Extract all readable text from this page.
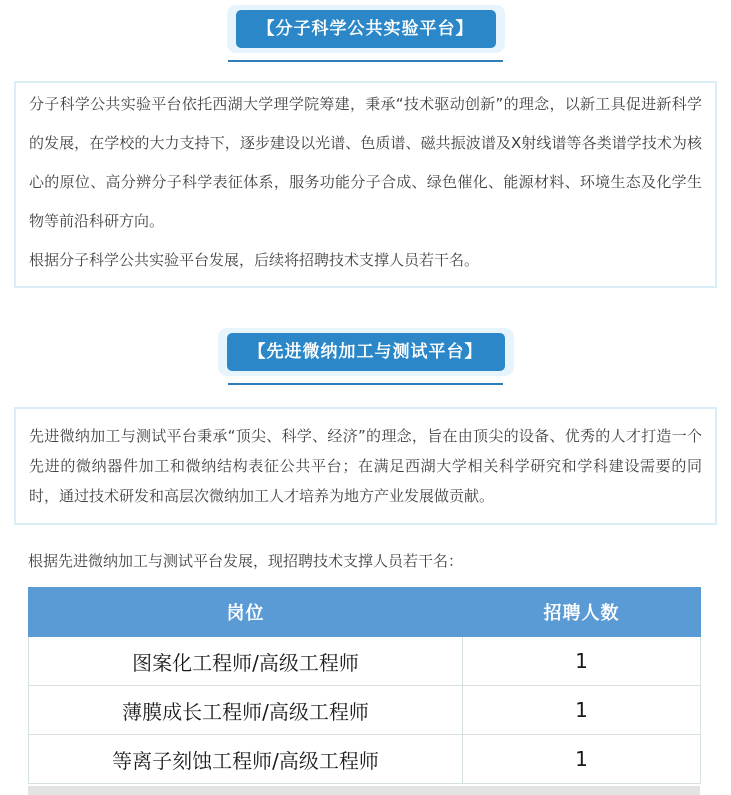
【分子科学公共实验平台】

分子科学公共实验平台依托西湖大学理学院筹建，秉承“技术驱动创新”的理念，以新工具促进新科学的发展，在学校的大力支持下，逐步建设以光谱、色质谱、磁共振波谱及X射线谱等各类谱学技术为核心的原位、高分辨分子科学表征体系，服务功能分子合成、绿色催化、能源材料、环境生态及化学生物等前沿科研方向。

根据分子科学公共实验平台发展，后续将招聘技术支撑人员若干名。

【先进微纳加工与测试平台】

先进微纳加工与测试平台秉承“顶尖、科学、经济”的理念，旨在由顶尖的设备、优秀的人才打造一个先进的微纳器件加工和微纳结构表征公共平台；在满足西湖大学相关科学研究和学科建设需要的同时，通过技术研发和高层次微纳加工人才培养为地方产业发展做贡献。

根据先进微纳加工与测试平台发展，现招聘技术支撑人员若干名：
岗位	招聘人数
图案化工程师/高级工程师	1
薄膜成长工程师/高级工程师	1
等离子刻蚀工程师/高级工程师	1
